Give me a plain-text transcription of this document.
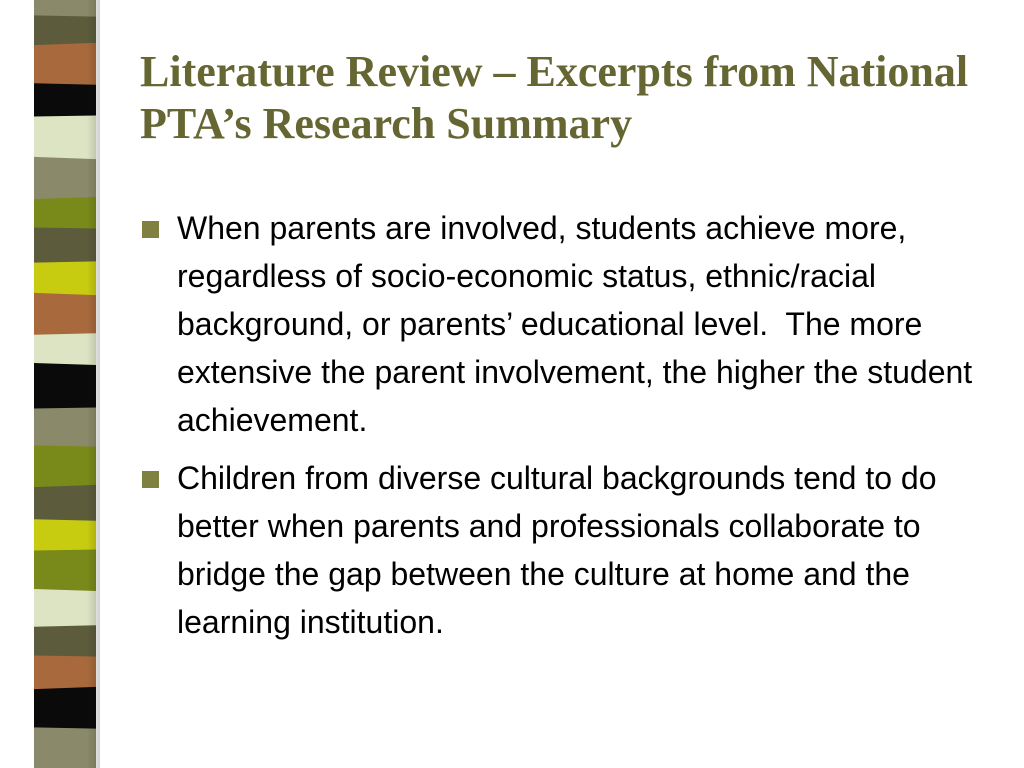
Literature Review – Excerpts from National PTA’s Research Summary
When parents are involved, students achieve more, regardless of socio-economic status, ethnic/racial background, or parents’ educational level.  The more extensive the parent involvement, the higher the student achievement.
Children from diverse cultural backgrounds tend to do better when parents and professionals collaborate to bridge the gap between the culture at home and the learning institution.
